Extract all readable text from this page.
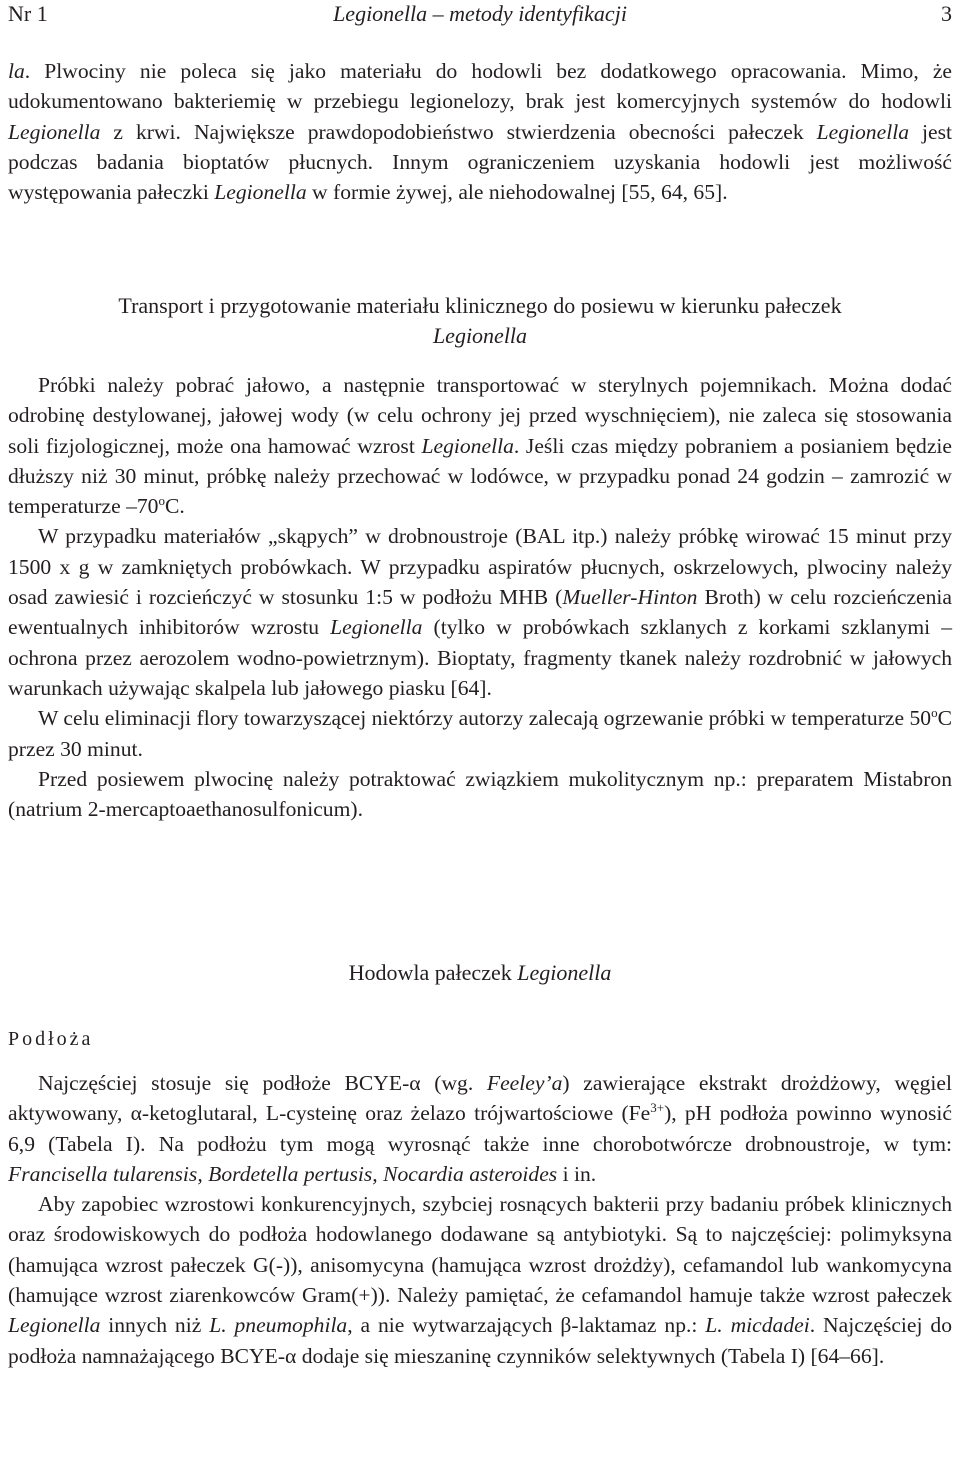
Nr 1	Legionella – metody identyfikacji	3

la. Plwociny nie poleca się jako materiału do hodowli bez dodatkowego opracowania. Mimo, że udokumentowano bakteriemię w przebiegu legionelozy, brak jest komercyjnych systemów do hodowli Legionella z krwi. Największe prawdopodobieństwo stwierdzenia obecności pałeczek Legionella jest podczas badania bioptatów płucnych. Innym ograniczeniem uzyskania hodowli jest możliwość występowania pałeczki Legionella w formie żywej, ale niehodowalnej [55, 64, 65].

Transport i przygotowanie materiału klinicznego do posiewu w kierunku pałeczek
Legionella

Próbki należy pobrać jałowo, a następnie transportować w sterylnych pojemnikach. Można dodać odrobinę destylowanej, jałowej wody (w celu ochrony jej przed wyschnięciem), nie zaleca się stosowania soli fizjologicznej, może ona hamować wzrost Legionella. Jeśli czas między pobraniem a posianiem będzie dłuższy niż 30 minut, próbkę należy przechować w lodówce, w przypadku ponad 24 godzin – zamrozić w temperaturze –70$^o$C.

W przypadku materiałów „skąpych” w drobnoustroje (BAL itp.) należy próbkę wirować 15 minut przy 1500 x g w zamkniętych probówkach. W przypadku aspiratów płucnych, oskrzelowych, plwociny należy osad zawiesić i rozcieńczyć w stosunku 1:5 w podłożu MHB (Mueller-Hinton Broth) w celu rozcieńczenia ewentualnych inhibitorów wzrostu Legionella (tylko w probówkach szklanych z korkami szklanymi – ochrona przez aerozolem wodno-powietrznym). Bioptaty, fragmenty tkanek należy rozdrobnić w jałowych warunkach używając skalpela lub jałowego piasku [64].

W celu eliminacji flory towarzyszącej niektórzy autorzy zalecają ogrzewanie próbki w temperaturze 50$^o$C przez 30 minut.

Przed posiewem plwocinę należy potraktować związkiem mukolitycznym np.: preparatem Mistabron (natrium 2-mercaptoaethanosulfonicum).

Hodowla pałeczek Legionella
Podłoża

Najczęściej stosuje się podłoże BCYE-α (wg. Feeley’a) zawierające ekstrakt drożdżowy, węgiel aktywowany, α-ketoglutaral, L-cysteinę oraz żelazo trójwartościowe $(Fe^{3+})$, pH podłoża powinno wynosić 6,9 (Tabela I). Na podłożu tym mogą wyrosnąć także inne chorobotwórcze drobnoustroje, w tym: Francisella tularensis, Bordetella pertusis, Nocardia asteroides i in.

Aby zapobiec wzrostowi konkurencyjnych, szybciej rosnących bakterii przy badaniu próbek klinicznych oraz środowiskowych do podłoża hodowlanego dodawane są antybiotyki. Są to najczęściej: polimyksyna (hamująca wzrost pałeczek G(-)), anisomycyna (hamująca wzrost drożdży), cefamandol lub wankomycyna (hamujące wzrost ziarenkowców Gram(+)). Należy pamiętać, że cefamandol hamuje także wzrost pałeczek Legionella innych niż L. pneumophila, a nie wytwarzających β-laktamaz np.: L. micdadei. Najczęściej do podłoża namnażającego BCYE-α dodaje się mieszaninę czynników selektywnych (Tabela I) [64–66].
